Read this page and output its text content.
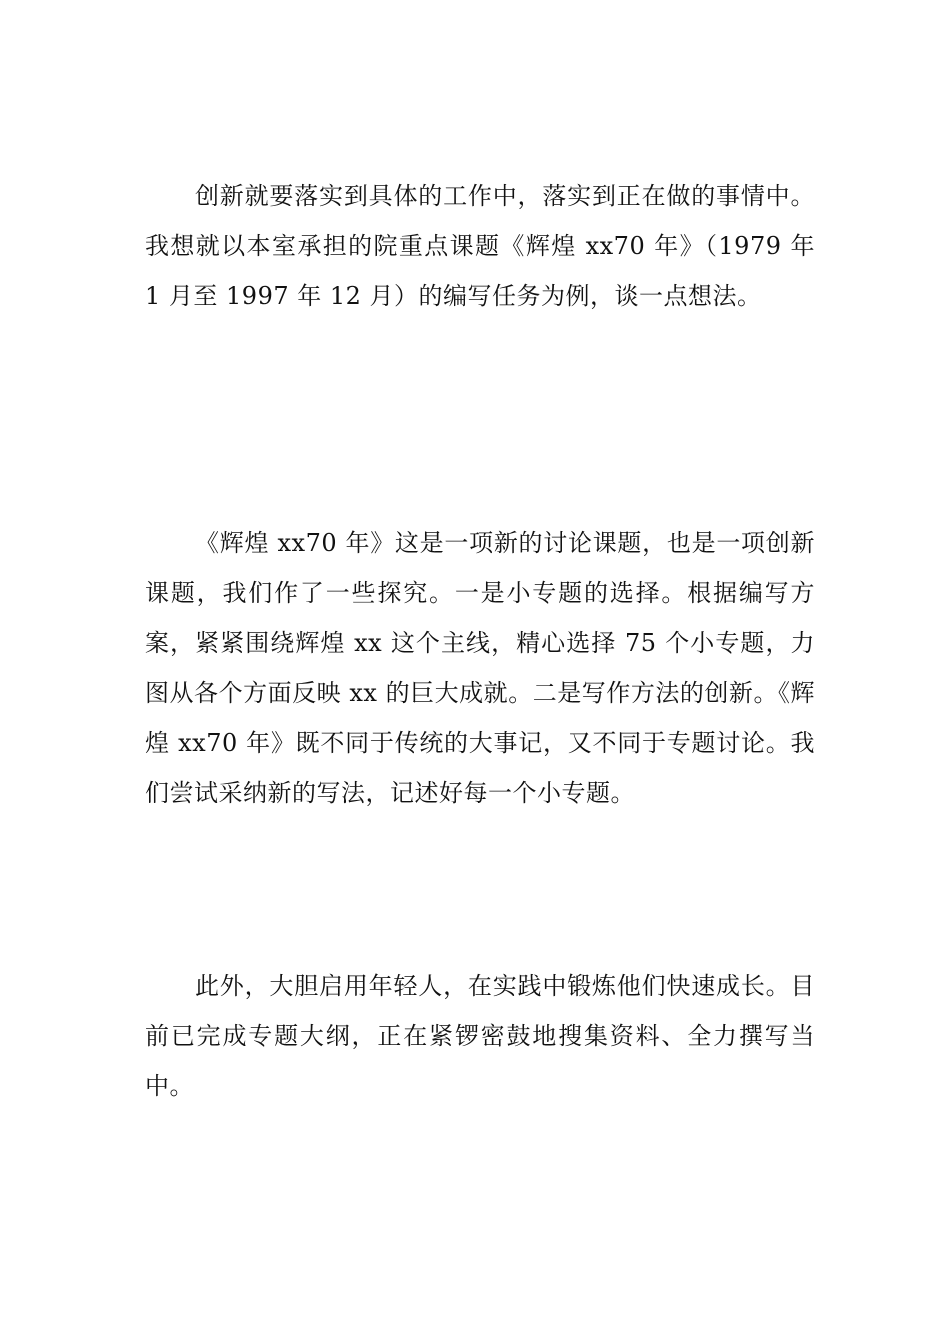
创新就要落实到具体的工作中，落实到正在做的事情中。我想就以本室承担的院重点课题《辉煌 xx70 年》（1979 年 1 月至 1997 年 12 月）的编写任务为例，谈一点想法。

《辉煌 xx70 年》这是一项新的讨论课题，也是一项创新课题，我们作了一些探究。一是小专题的选择。根据编写方案，紧紧围绕辉煌 xx 这个主线，精心选择 75 个小专题，力图从各个方面反映 xx 的巨大成就。二是写作方法的创新。《辉煌 xx70 年》既不同于传统的大事记，又不同于专题讨论。我们尝试采纳新的写法，记述好每一个小专题。

此外，大胆启用年轻人，在实践中锻炼他们快速成长。目前已完成专题大纲，正在紧锣密鼓地搜集资料、全力撰写当中。
